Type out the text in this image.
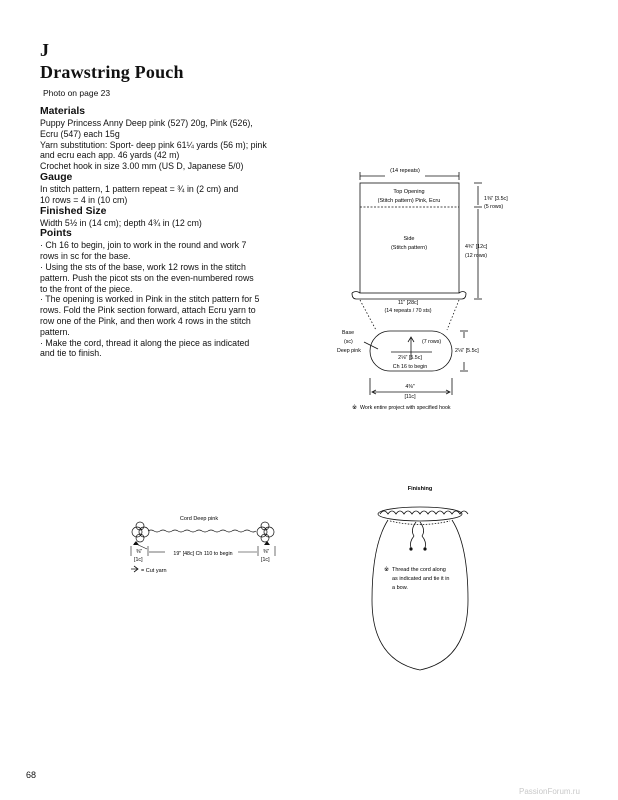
J
Drawstring Pouch
Photo on page 23
Materials
Puppy Princess Anny Deep pink (527) 20g, Pink (526),
Ecru (547) each 15g
Yarn substitution: Sport- deep pink 61¼ yards (56 m); pink
and ecru each app. 46 yards (42 m)
Crochet hook in size 3.00 mm (US D, Japanese 5/0)
Gauge
In stitch pattern, 1 pattern repeat = ¾ in (2 cm) and
10 rows = 4 in (10 cm)
Finished Size
Width 5½ in (14 cm); depth 4¾ in (12 cm)
Points
· Ch 16 to begin, join to work in the round and work 7
rows in sc for the base.
· Using the sts of the base, work 12 rows in the stitch
pattern. Push the picot sts on the even-numbered rows
to the front of the piece.
· The opening is worked in Pink in the stitch pattern for 5
rows. Fold the Pink section forward, attach Ecru yarn to
row one of the Pink, and then work 4 rows in the stitch
pattern.
· Make the cord, thread it along the piece as indicated
and tie to finish.
(14 repeats)
Top Opening
(Stitch pattern) Pink, Ecru	1⅜" [3.5c]
(5 rows)
Side
(Stitch pattern)	4¾" [12c]
(12 rows)
11" [28c]
(14 repeats / 70 sts)
Base
(sc)
Deep pink
(7 rows)
2⅛" [5.5c]
Ch 16 to begin
2⅛" [5.5c]
4⅜"
[11c]
※ Work entire project with specified hook
Cord Deep pink
⅜"
[1c]
19" [48c] Ch 110 to begin	⅜"
[1c]
= Cut yarn
Finishing
※ Thread the cord along
as indicated and tie it in
a bow.
68
PassionForum.ru
